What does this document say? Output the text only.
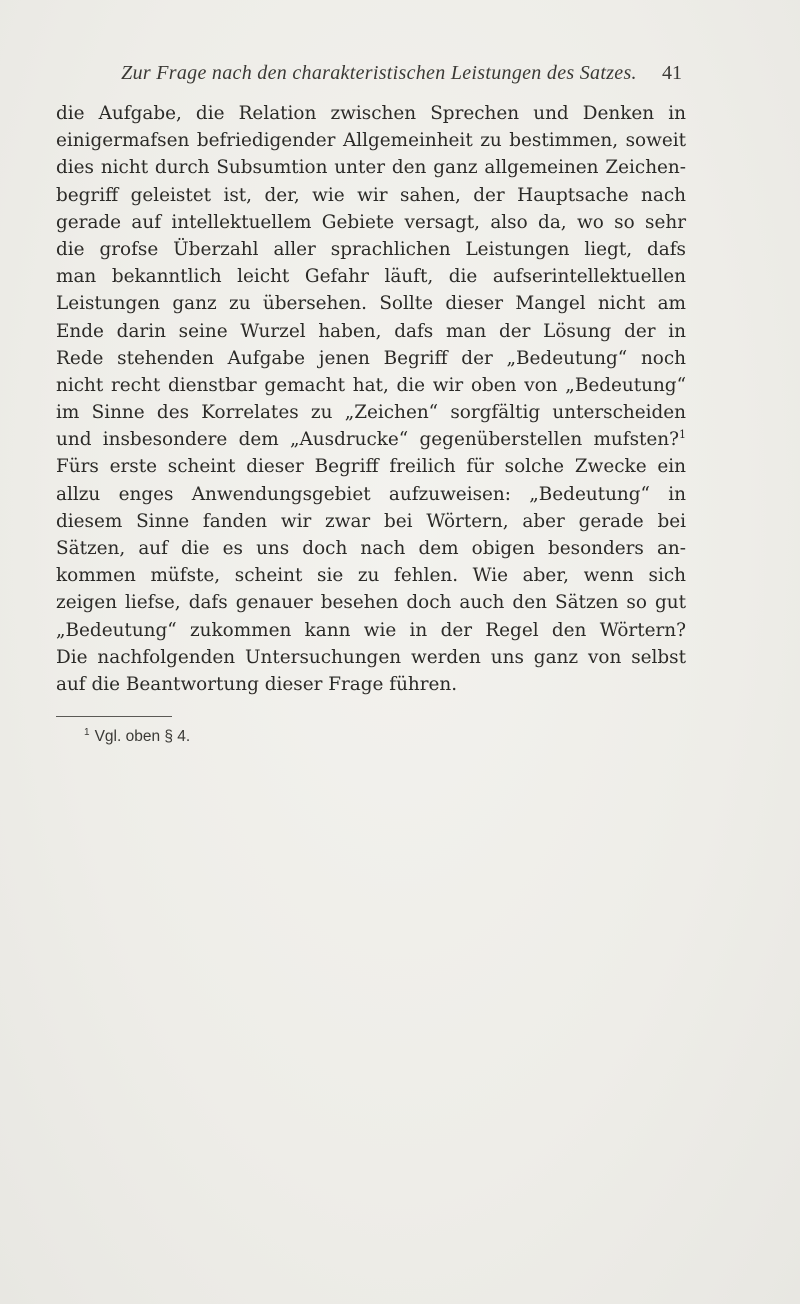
Zur Frage nach den charakteristischen Leistungen des Satzes. 41
die Aufgabe, die Relation zwischen Sprechen und Denken in
einigermafsen befriedigender Allgemeinheit zu bestimmen, soweit
dies nicht durch Subsumtion unter den ganz allgemeinen Zeichen-
begriff geleistet ist, der, wie wir sahen, der Hauptsache nach
gerade auf intellektuellem Gebiete versagt, also da, wo so sehr
die grofse Überzahl aller sprachlichen Leistungen liegt, dafs
man bekanntlich leicht Gefahr läuft, die aufserintellektuellen
Leistungen ganz zu übersehen. Sollte dieser Mangel nicht am
Ende darin seine Wurzel haben, dafs man der Lösung der in
Rede stehenden Aufgabe jenen Begriff der „Bedeutung“ noch
nicht recht dienstbar gemacht hat, die wir oben von „Bedeutung“
im Sinne des Korrelates zu „Zeichen“ sorgfältig unterscheiden
und insbesondere dem „Ausdrucke“ gegenüberstellen mufsten?$^1$
Fürs erste scheint dieser Begriff freilich für solche Zwecke ein
allzu enges Anwendungsgebiet aufzuweisen: „Bedeutung“ in
diesem Sinne fanden wir zwar bei Wörtern, aber gerade bei
Sätzen, auf die es uns doch nach dem obigen besonders an-
kommen müfste, scheint sie zu fehlen. Wie aber, wenn sich
zeigen liefse, dafs genauer besehen doch auch den Sätzen so gut
„Bedeutung“ zukommen kann wie in der Regel den Wörtern?
Die nachfolgenden Untersuchungen werden uns ganz von selbst
auf die Beantwortung dieser Frage führen.
$^1$ Vgl. oben § 4.
